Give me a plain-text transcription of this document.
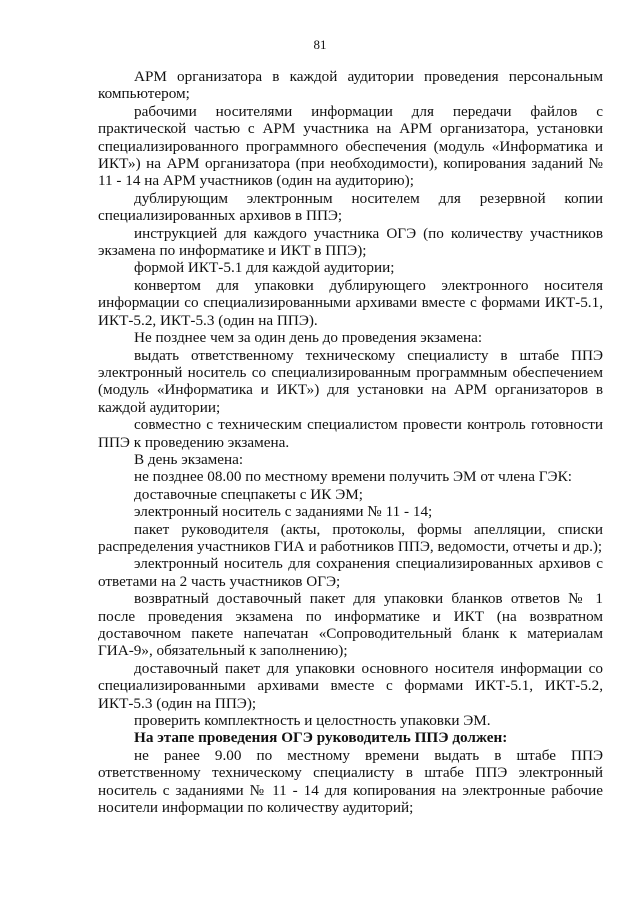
81

АРМ организатора в каждой аудитории проведения персональным компьютером;

рабочими носителями информации для передачи файлов с практической частью с АРМ участника на АРМ организатора, установки специализированного программного обеспечения (модуль «Информатика и ИКТ») на АРМ организатора (при необходимости), копирования заданий № 11 - 14 на АРМ участников (один на аудиторию);

дублирующим электронным носителем для резервной копии специализированных архивов в ППЭ;

инструкцией для каждого участника ОГЭ (по количеству участников экзамена по информатике и ИКТ в ППЭ);

формой ИКТ-5.1 для каждой аудитории;

конвертом для упаковки дублирующего электронного носителя информации со специализированными архивами вместе с формами ИКТ-5.1, ИКТ-5.2, ИКТ-5.3 (один на ППЭ).

Не позднее чем за один день до проведения экзамена:

выдать ответственному техническому специалисту в штабе ППЭ электронный носитель со специализированным программным обеспечением (модуль «Информатика и ИКТ») для установки на АРМ организаторов в каждой аудитории;

совместно с техническим специалистом провести контроль готовности ППЭ к проведению экзамена.

В день экзамена:

не позднее 08.00 по местному времени получить ЭМ от члена ГЭК:

доставочные спецпакеты с ИК ЭМ;

электронный носитель с заданиями № 11 - 14;

пакет руководителя (акты, протоколы, формы апелляции, списки распределения участников ГИА и работников ППЭ, ведомости, отчеты и др.);

электронный носитель для сохранения специализированных архивов с ответами на 2 часть участников ОГЭ;

возвратный доставочный пакет для упаковки бланков ответов № 1 после проведения экзамена по информатике и ИКТ (на возвратном доставочном пакете напечатан «Сопроводительный бланк к материалам ГИА-9», обязательный к заполнению);

доставочный пакет для упаковки основного носителя информации со специализированными архивами вместе с формами ИКТ-5.1, ИКТ-5.2, ИКТ-5.3 (один на ППЭ);

проверить комплектность и целостность упаковки ЭМ.

На этапе проведения ОГЭ руководитель ППЭ должен:

не ранее 9.00 по местному времени выдать в штабе ППЭ ответственному техническому специалисту в штабе ППЭ электронный носитель с заданиями № 11 - 14 для копирования на электронные рабочие носители информации по количеству аудиторий;
